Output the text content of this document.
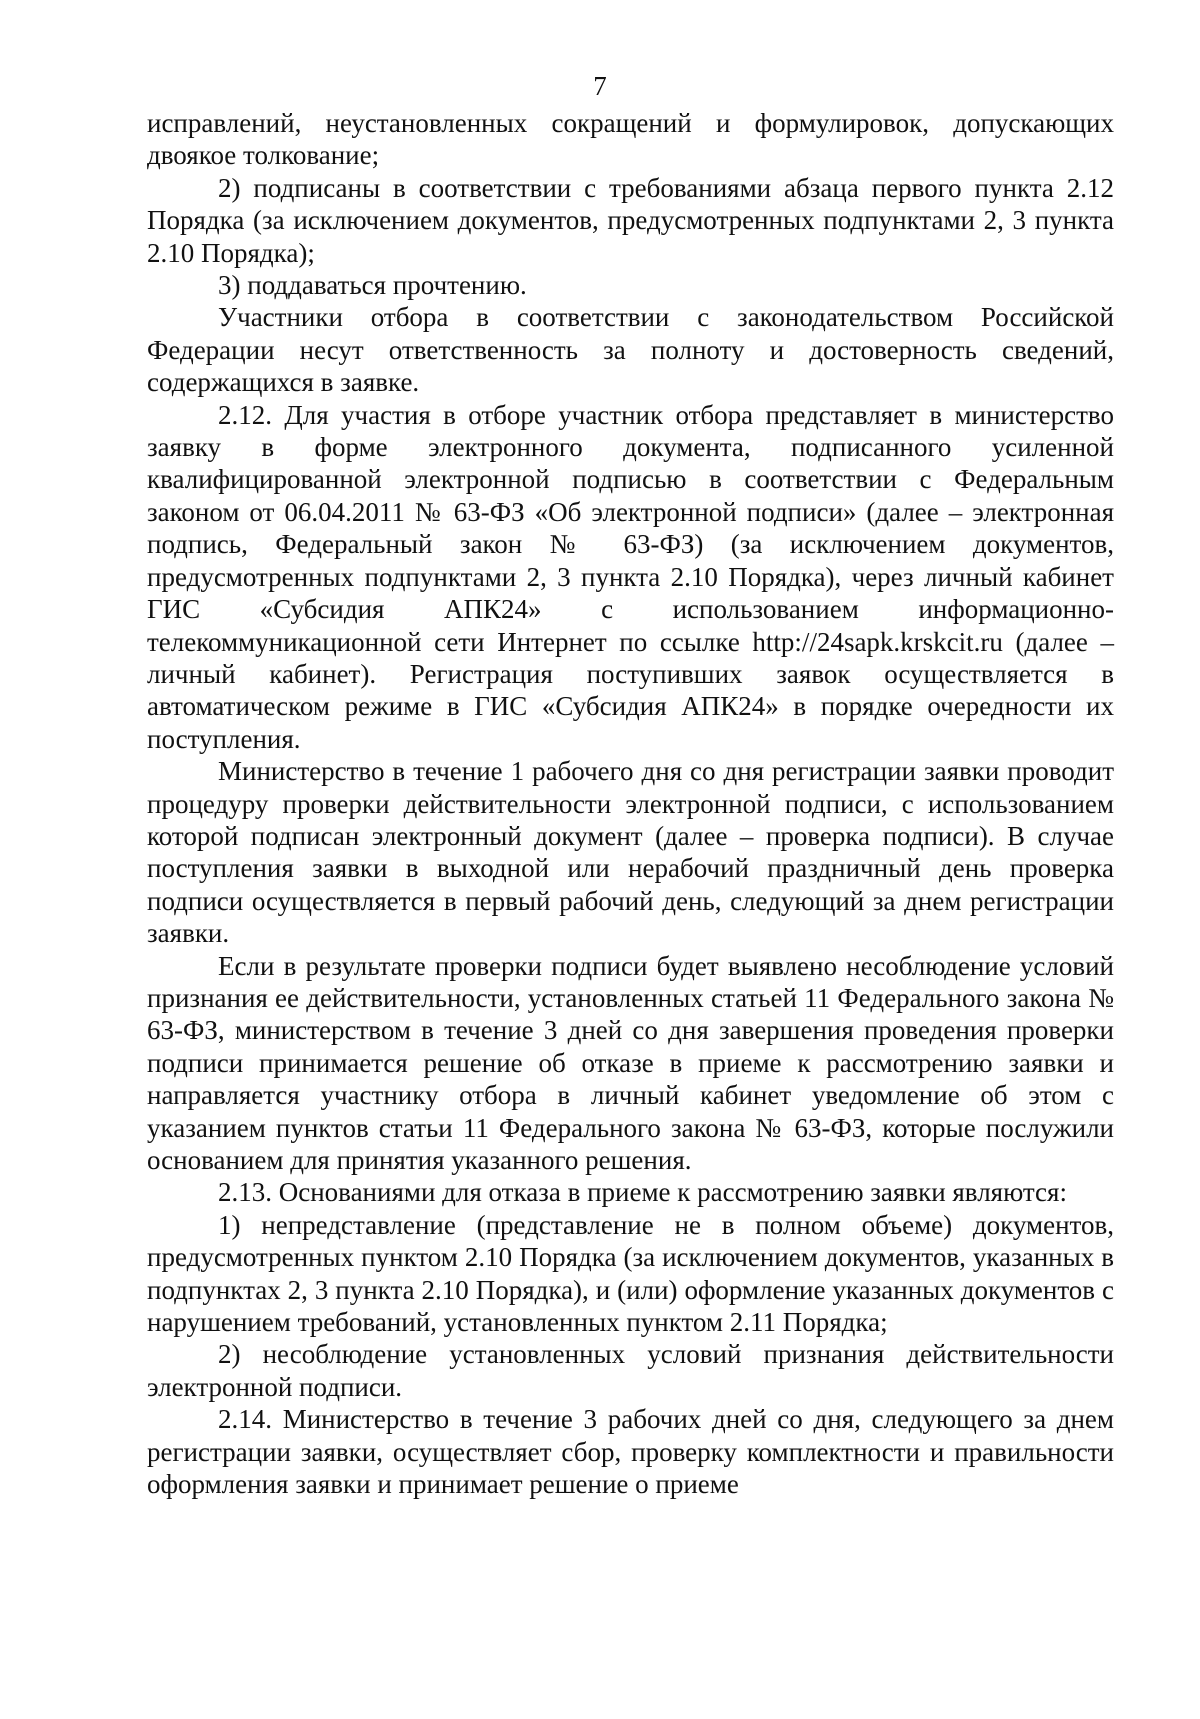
7

исправлений, неустановленных сокращений и формулировок, допускающих двоякое толкование;

2) подписаны в соответствии с требованиями абзаца первого пункта 2.12 Порядка (за исключением документов, предусмотренных подпунктами 2, 3 пункта 2.10 Порядка);

3) поддаваться прочтению.

Участники отбора в соответствии с законодательством Российской Федерации несут ответственность за полноту и достоверность сведений, содержащихся в заявке.

2.12. Для участия в отборе участник отбора представляет в министерство заявку в форме электронного документа, подписанного усиленной квалифицированной электронной подписью в соответствии с Федеральным законом от 06.04.2011 № 63-ФЗ «Об электронной подписи» (далее – электронная подпись, Федеральный закон № 63-ФЗ) (за исключением документов, предусмотренных подпунктами 2, 3 пункта 2.10 Порядка), через личный кабинет ГИС «Субсидия АПК24» с использованием информационно-телекоммуникационной сети Интернет по ссылке http://24sapk.krskcit.ru (далее – личный кабинет). Регистрация поступивших заявок осуществляется в автоматическом режиме в ГИС «Субсидия АПК24» в порядке очередности их поступления.

Министерство в течение 1 рабочего дня со дня регистрации заявки проводит процедуру проверки действительности электронной подписи, с использованием которой подписан электронный документ (далее – проверка подписи). В случае поступления заявки в выходной или нерабочий праздничный день проверка подписи осуществляется в первый рабочий день, следующий за днем регистрации заявки.

Если в результате проверки подписи будет выявлено несоблюдение условий признания ее действительности, установленных статьей 11 Федерального закона № 63-ФЗ, министерством в течение 3 дней со дня завершения проведения проверки подписи принимается решение об отказе в приеме к рассмотрению заявки и направляется участнику отбора в личный кабинет уведомление об этом с указанием пунктов статьи 11 Федерального закона № 63-ФЗ, которые послужили основанием для принятия указанного решения.

2.13. Основаниями для отказа в приеме к рассмотрению заявки являются:

1) непредставление (представление не в полном объеме) документов, предусмотренных пунктом 2.10 Порядка (за исключением документов, указанных в подпунктах 2, 3 пункта 2.10 Порядка), и (или) оформление указанных документов с нарушением требований, установленных пунктом 2.11 Порядка;

2) несоблюдение установленных условий признания действительности электронной подписи.

2.14. Министерство в течение 3 рабочих дней со дня, следующего за днем регистрации заявки, осуществляет сбор, проверку комплектности и правильности оформления заявки и принимает решение о приеме
